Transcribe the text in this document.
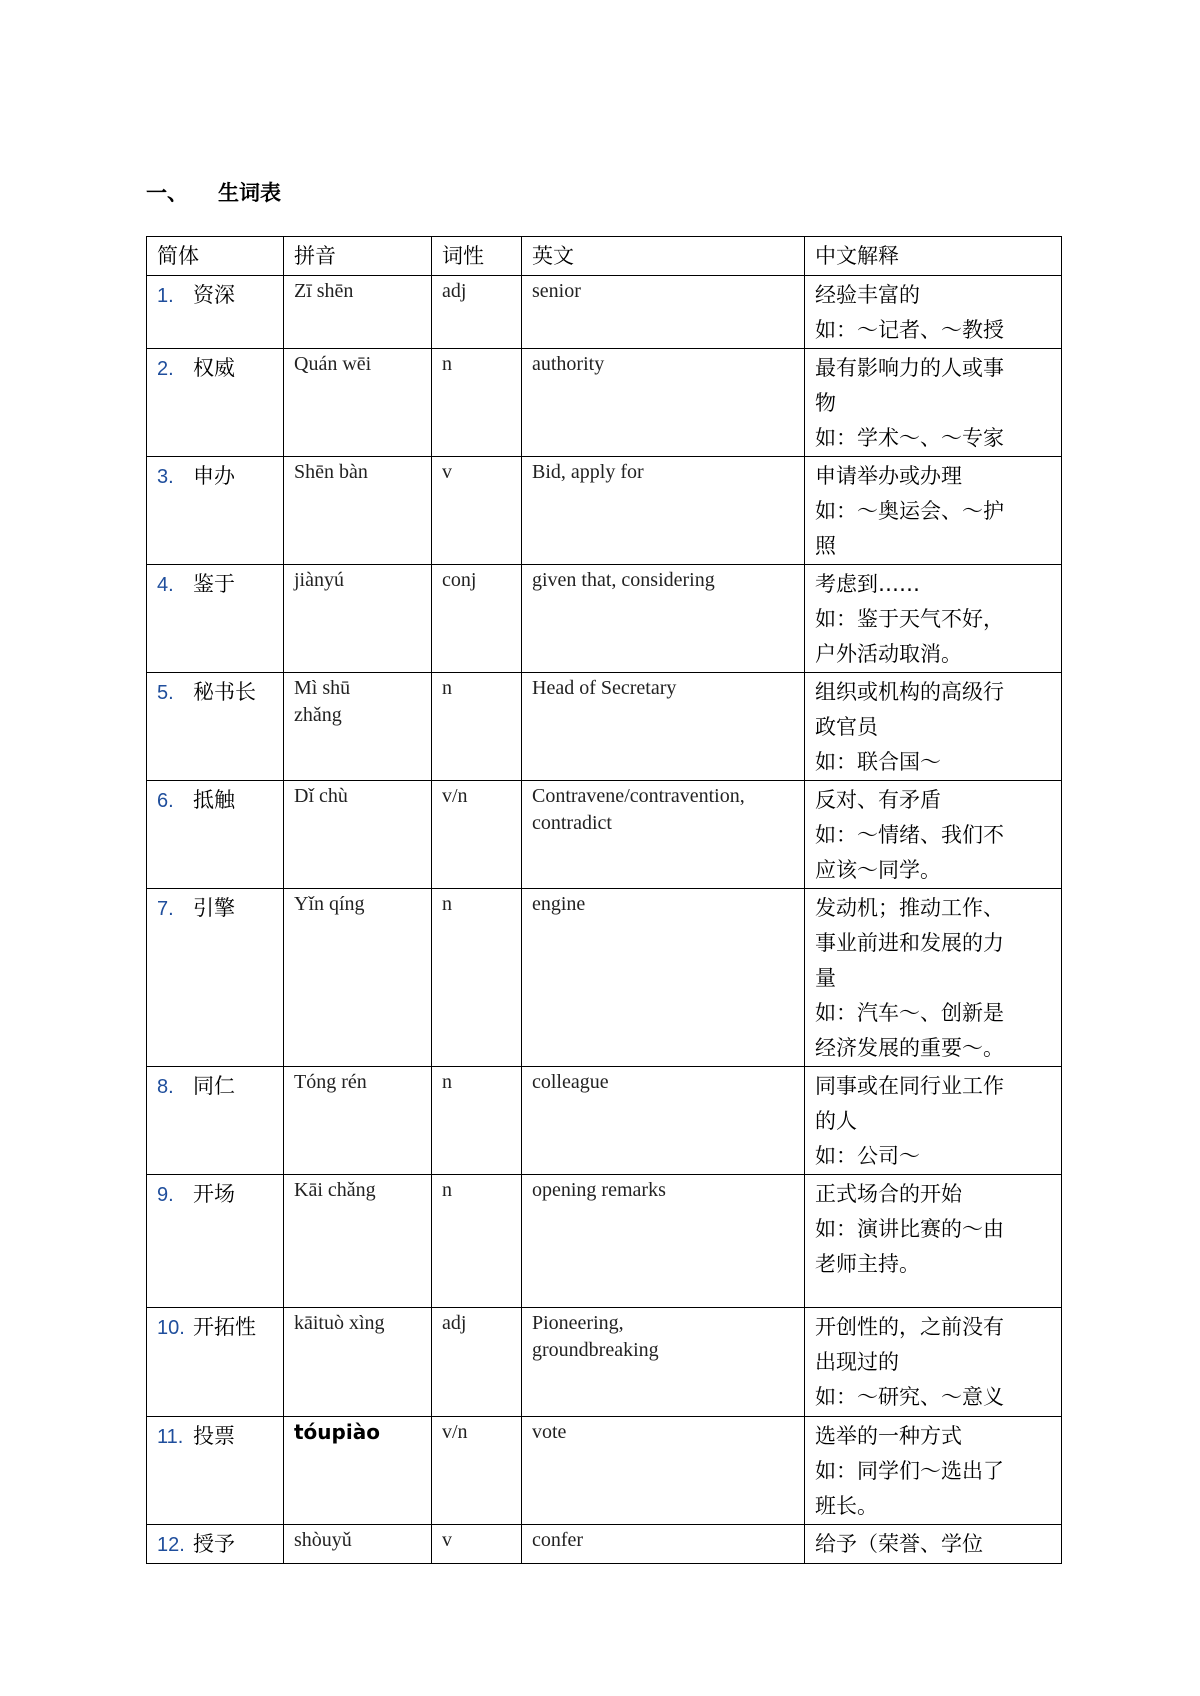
一、 生词表
简体	拼音	词性	英文	中文解释
1. 资深	Zī shēn	adj	senior	经验丰富的
如：～记者、～教授

2. 权威	Quán wēi	n	authority	最有影响力的人或事
物
如：学术～、～专家

3. 申办	Shēn bàn	v	Bid, apply for	申请举办或办理
如：～奥运会、～护
照

4. 鉴于	jiànyú	conj	given that, considering	考虑到……
如：鉴于天气不好，
户外活动取消。

5. 秘书长	Mì shū
zhǎng	n	Head of Secretary	组织或机构的高级行
政官员
如：联合国～

6. 抵触	Dǐ chù	v/n	Contravene/contravention,
contradict	反对、有矛盾
如：～情绪、我们不
应该～同学。

7. 引擎	Yǐn qíng	n	engine	发动机；推动工作、
事业前进和发展的力
量
如：汽车～、创新是
经济发展的重要～。

8. 同仁	Tóng rén	n	colleague	同事或在同行业工作
的人
如：公司～

9. 开场	Kāi chǎng	n	opening remarks	正式场合的开始
如：演讲比赛的～由
老师主持。

10. 开拓性	kāituò xìng	adj	Pioneering,
groundbreaking	开创性的，之前没有
出现过的
如：～研究、～意义

11. 投票	tóupiào	v/n	vote	选举的一种方式
如：同学们～选出了
班长。

12. 授予	shòuyǔ	v	confer	给予（荣誉、学位
